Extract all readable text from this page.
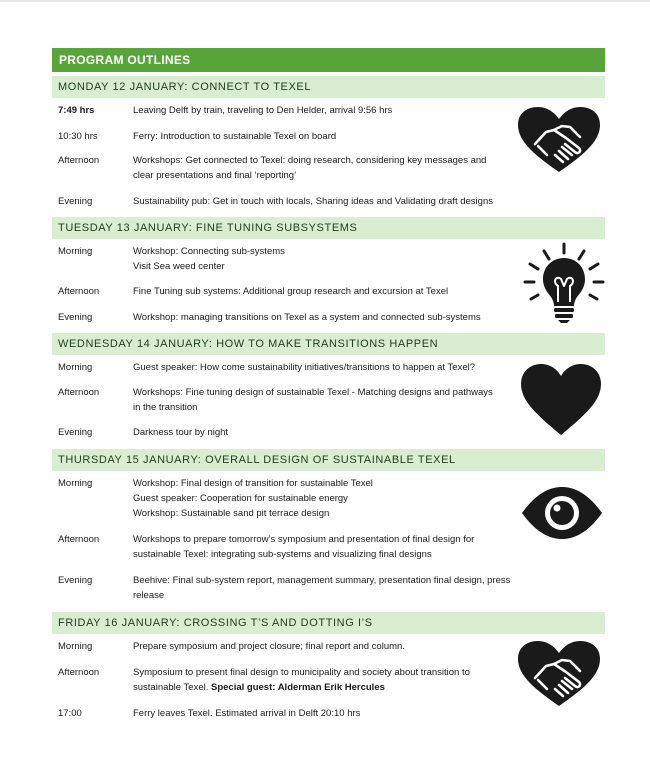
PROGRAM OUTLINES
MONDAY 12 JANUARY: CONNECT TO TEXEL
7:49 hrs	Leaving Delft by train, traveling to Den Helder, arrival 9:56 hrs
10:30 hrs	Ferry: Introduction to sustainable Texel on board
Afternoon	Workshops: Get connected to Texel: doing research, considering key messages and
clear presentations and final ‘reporting’
Evening	Sustainability pub: Get in touch with locals, Sharing ideas and Validating draft designs
TUESDAY 13 JANUARY: FINE TUNING SUBSYSTEMS
Morning	Workshop: Connecting sub-systems
Visit Sea weed center
Afternoon	Fine Tuning sub systems: Additional group research and excursion at Texel
Evening	Workshop: managing transitions on Texel as a system and connected sub-systems
WEDNESDAY 14 JANUARY: HOW TO MAKE TRANSITIONS HAPPEN
Morning	Guest speaker: How come sustainability initiatives/transitions to happen at Texel?
Afternoon	Workshops: Fine tuning design of sustainable Texel - Matching designs and pathways
in the transition
Evening	Darkness tour by night
THURSDAY 15 JANUARY: OVERALL DESIGN OF SUSTAINABLE TEXEL
Morning	Workshop: Final design of transition for sustainable Texel
Guest speaker: Cooperation for sustainable energy
Workshop: Sustainable sand pit terrace design
Afternoon	Workshops to prepare tomorrow’s symposium and presentation of final design for
sustainable Texel: integrating sub-systems and visualizing final designs
Evening	Beehive: Final sub-system report, management summary, presentation final design, press release
FRIDAY 16 JANUARY: CROSSING T’S AND DOTTING I’S
Morning	Prepare symposium and project closure; final report and column.
Afternoon	Symposium to present final design to municipality and society about transition to
sustainable Texel. Special guest: Alderman Erik Hercules
17:00	Ferry leaves Texel. Estimated arrival in Delft 20:10 hrs
